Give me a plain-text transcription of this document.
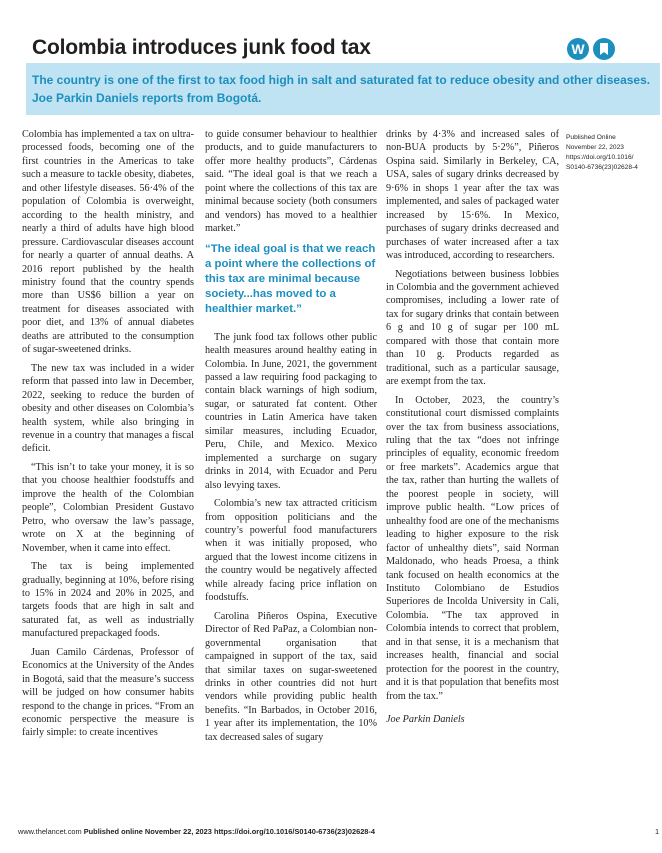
Colombia introduces junk food tax	W
The country is one of the first to tax food high in salt and saturated fat to reduce obesity and other diseases. Joe Parkin Daniels reports from Bogotá.

Colombia has implemented a tax on ultra-processed foods, becoming one of the first countries in the Americas to take such a measure to tackle obesity, diabetes, and other lifestyle diseases. 56·4% of the population of Colombia is overweight, according to the health ministry, and nearly a third of adults have high blood pressure. Cardiovascular diseases account for nearly a quarter of annual deaths. A 2016 report published by the health ministry found that the country spends more than US$6 billion a year on treatment for diseases associated with poor diet, and 13% of annual diabetes deaths are attributed to the consumption of sugar-sweetened drinks.

The new tax was included in a wider reform that passed into law in December, 2022, seeking to reduce the burden of obesity and other diseases on Colombia’s health system, while also bringing in revenue in a country that manages a fiscal deficit.

“This isn’t to take your money, it is so that you choose healthier foodstuffs and improve the health of the Colombian people”, Colombian President Gustavo Petro, who oversaw the law’s passage, wrote on X at the beginning of November, when it came into effect.

The tax is being implemented gradually, beginning at 10%, before rising to 15% in 2024 and 20% in 2025, and targets foods that are high in salt and saturated fat, as well as industrially manufactured prepackaged foods.

Juan Camilo Cárdenas, Professor of Economics at the University of the Andes in Bogotá, said that the measure’s success will be judged on how consumer habits respond to the change in prices. “From an economic perspective the measure is fairly simple: to create incentives

to guide consumer behaviour to healthier products, and to guide manufacturers to offer more healthy products”, Cárdenas said. “The ideal goal is that we reach a point where the collections of this tax are minimal because society (both consumers and vendors) has moved to a healthier market.”

“The ideal goal is that we reach a point where the collections of this tax are minimal because society...has moved to a healthier market.”

The junk food tax follows other public health measures around healthy eating in Colombia. In June, 2021, the government passed a law requiring food packaging to contain black warnings of high sodium, sugar, or saturated fat content. Other countries in Latin America have taken similar measures, including Ecuador, Peru, Chile, and Mexico. Mexico implemented a surcharge on sugary drinks in 2014, with Ecuador and Peru also levying taxes.

Colombia’s new tax attracted criticism from opposition politicians and the country’s powerful food manufacturers when it was initially proposed, who argued that the lowest income citizens in the country would be negatively affected while already facing price inflation on foodstuffs.

Carolina Piñeros Ospina, Executive Director of Red PaPaz, a Colombian non-governmental organisation that campaigned in support of the tax, said that similar taxes on sugar-sweetened drinks in other countries did not hurt vendors while providing public health benefits. “In Barbados, in October 2016, 1 year after its implementation, the 10% tax decreased sales of sugary

drinks by 4·3% and increased sales of non-BUA products by 5·2%”, Piñeros Ospina said. Similarly in Berkeley, CA, USA, sales of sugary drinks decreased by 9·6% in shops 1 year after the tax was implemented, and sales of packaged water increased by 15·6%. In Mexico, purchases of sugary drinks decreased and purchases of water increased after a tax was introduced, according to researchers.

Negotiations between business lobbies in Colombia and the government achieved compromises, including a lower rate of tax for sugary drinks that contain between 6 g and 10 g of sugar per 100 mL compared with those that contain more than 10 g. Products regarded as traditional, such as a particular sausage, are exempt from the tax.

In October, 2023, the country’s constitutional court dismissed complaints over the tax from business associations, ruling that the tax “does not infringe principles of equality, economic freedom or free markets”. Academics argue that the tax, rather than hurting the wallets of the poorest people in society, will improve public health. “Low prices of unhealthy food are one of the mechanisms leading to higher exposure to the risk factor of unhealthy diets”, said Norman Maldonado, who heads Proesa, a think tank focused on health economics at the Instituto Colombiano de Estudios Superiores de Incolda University in Cali, Colombia. “The tax approved in Colombia intends to correct that problem, and in that sense, it is a mechanism that increases health, financial and social protection for the poorest in the country, and it is that population that benefits most from the tax.”

Joe Parkin Daniels

Published Online
November 22, 2023
https://doi.org/10.1016/
S0140-6736(23)02628-4
www.thelancet.com Published online November 22, 2023 https://doi.org/10.1016/S0140-6736(23)02628-4	1
